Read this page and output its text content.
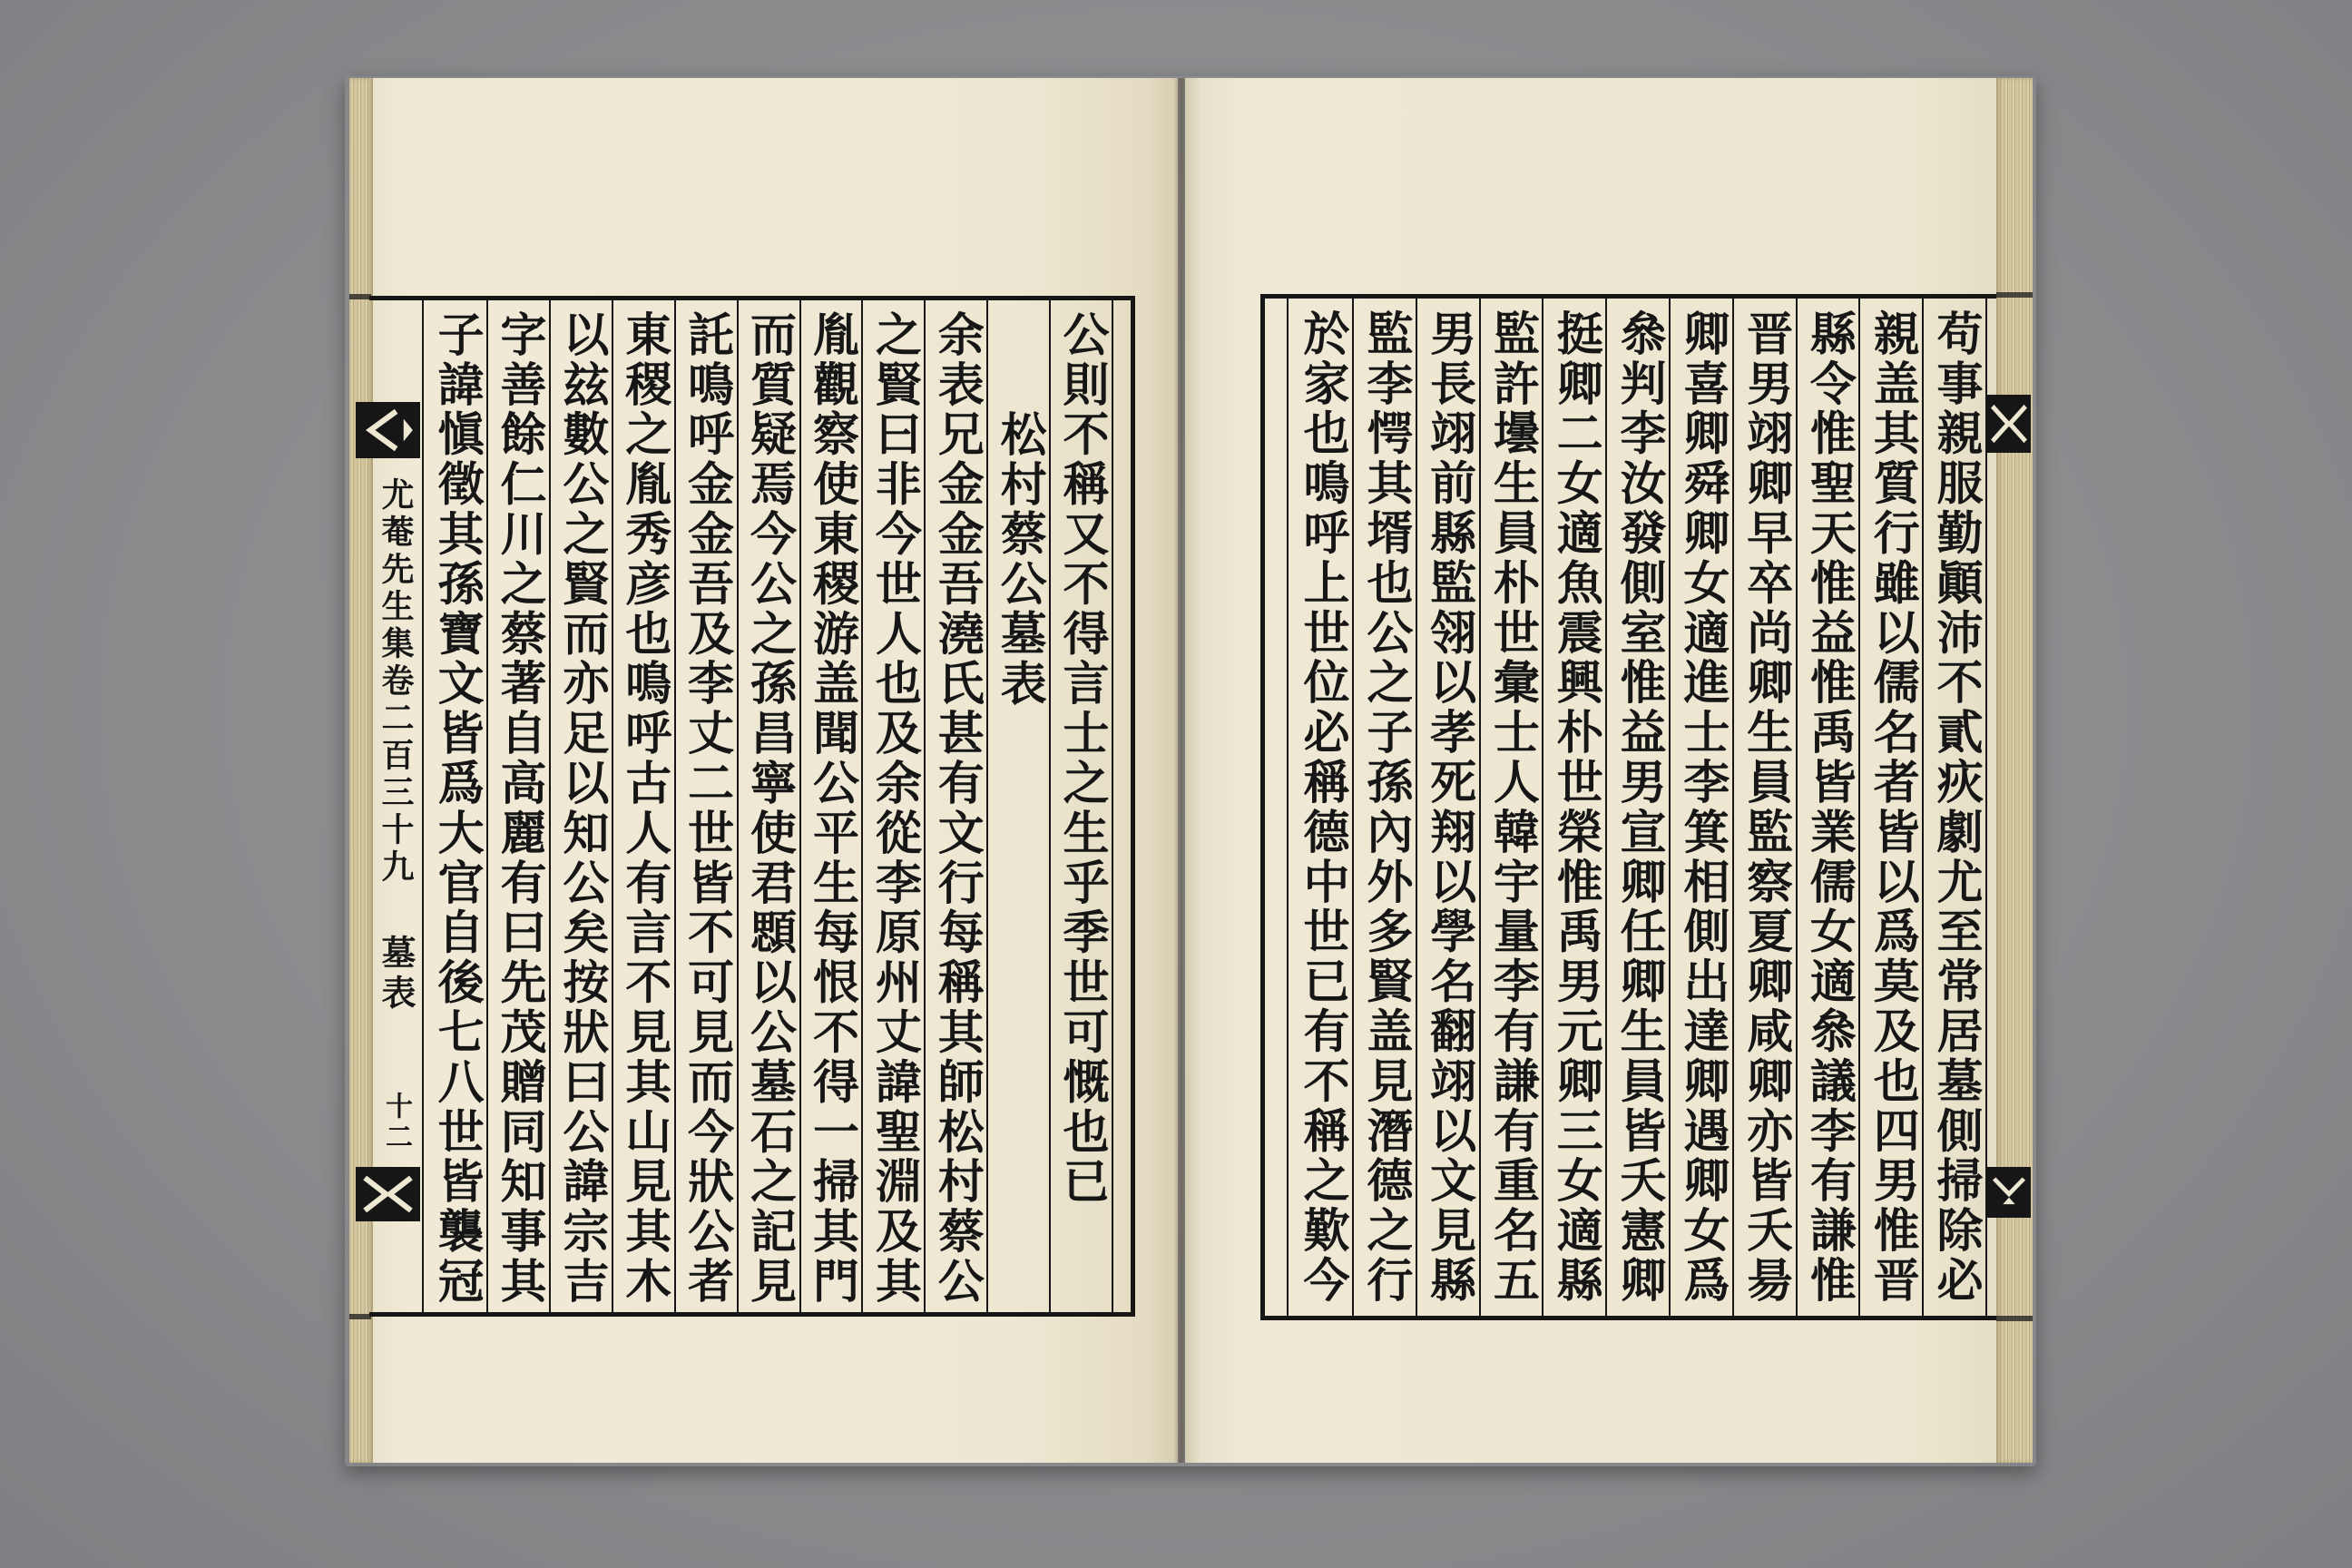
尤菴先生集卷二百三十九
墓表
十二	公則不稱又不得言士之生乎季世可慨也已
松村蔡公墓表
余表兄金金吾澆氏甚有文行每稱其師松村蔡公
之賢曰非今世人也及余從李原州丈諱聖淵及其
胤觀察使東稷游盖聞公平生每恨不得一掃其門
而質疑焉今公之孫昌寧使君顋以公墓石之記見
託鳴呼金金吾及李丈二世皆不可見而今狀公者
東稷之胤秀彦也鳴呼古人有言不見其山見其木
以玆數公之賢而亦足以知公矣按狀曰公諱宗吉
字善餘仁川之蔡著自高麗有曰先茂贈同知事其
子諱愼徵其孫寶文皆爲大官自後七八世皆襲冠	苟事親服勤顚沛不貳疢劇尤至常居墓側掃除必
親盖其質行雖以儒名者皆以爲莫及也四男惟晋
縣令惟聖天惟益惟禹皆業儒女適叅議李有謙惟
晋男翊卿早卒尚卿生員監察夏卿咸卿亦皆夭昜
卿喜卿舜卿女適進士李箕相側出達卿遇卿女爲
叅判李汝發側室惟益男宣卿任卿生員皆夭憲卿
挺卿二女適魚震興朴世榮惟禹男元卿三女適縣
監許壜生員朴世彙士人韓宇量李有謙有重名五
男長翊前縣監翎以孝死翔以學名翻翊以文見縣
監李愕其壻也公之子孫內外多賢盖見潛德之行
於家也鳴呼上世位必稱德中世已有不稱之歎今
